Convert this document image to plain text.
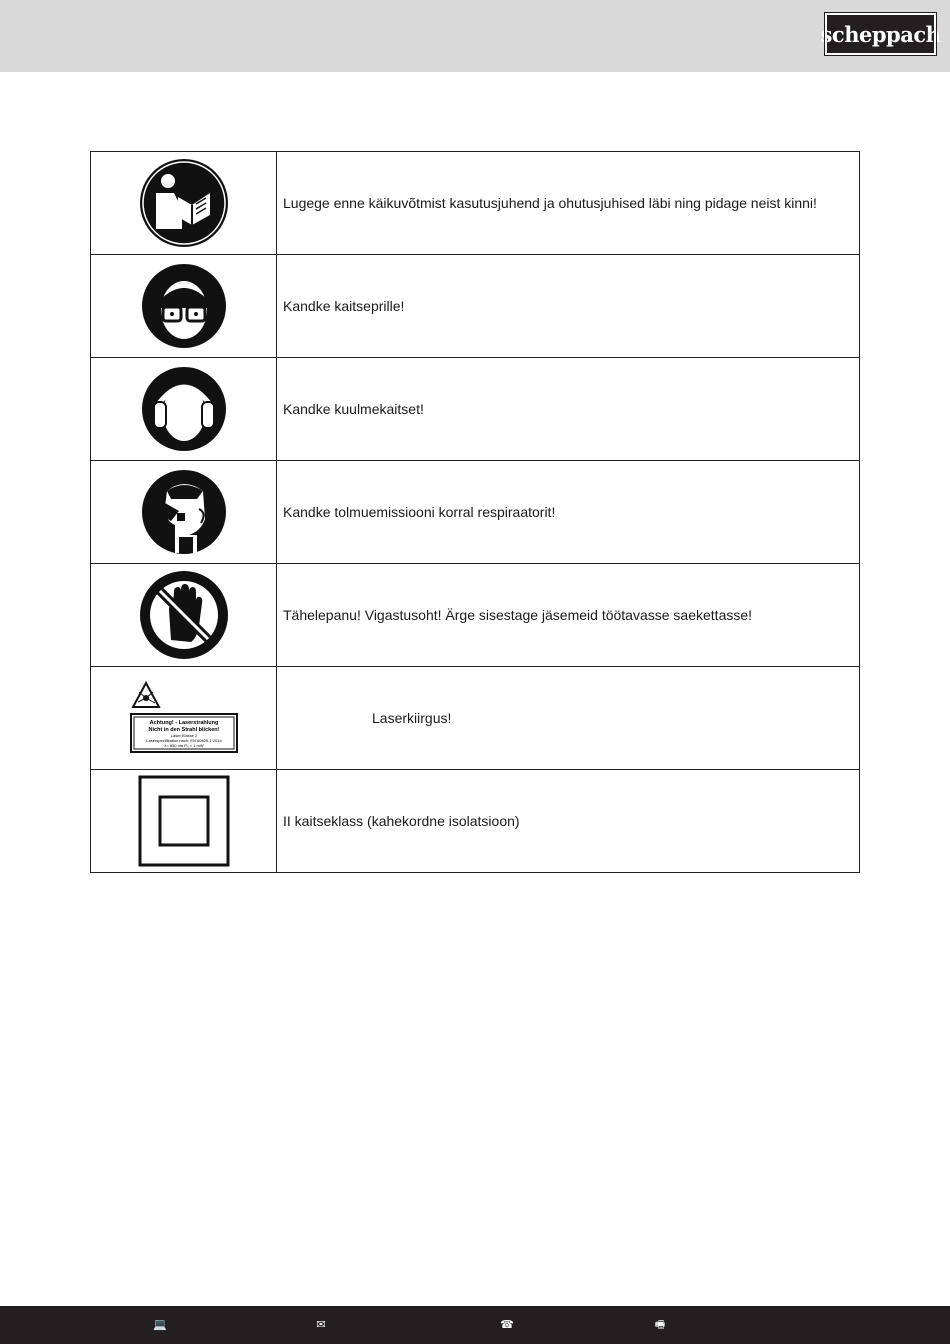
scheppach
	Lugege enne käikuvõtmist kasutusjuhend ja ohutusjuhised läbi ning pidage neist kinni!

	Kandke kaitseprille!

	Kandke kuulmekaitset!

	Kandke tolmuemissiooni korral respiraatorit!

	Tähelepanu! Vigastusoht! Ärge sisestage jäsemeid töötavasse saekettasse!

Achtung! - Laserstrahlung
Nicht in den Strahl blicken!
Laser Klasse 2
Laserspezifikation nach: EN 60825-1:2014
λ= 650 nm P₀ < 1 mW	Laserkiirgus!

	II kaitseklass (kahekordne isolatsioon)
💻	✉	☎	🖷
